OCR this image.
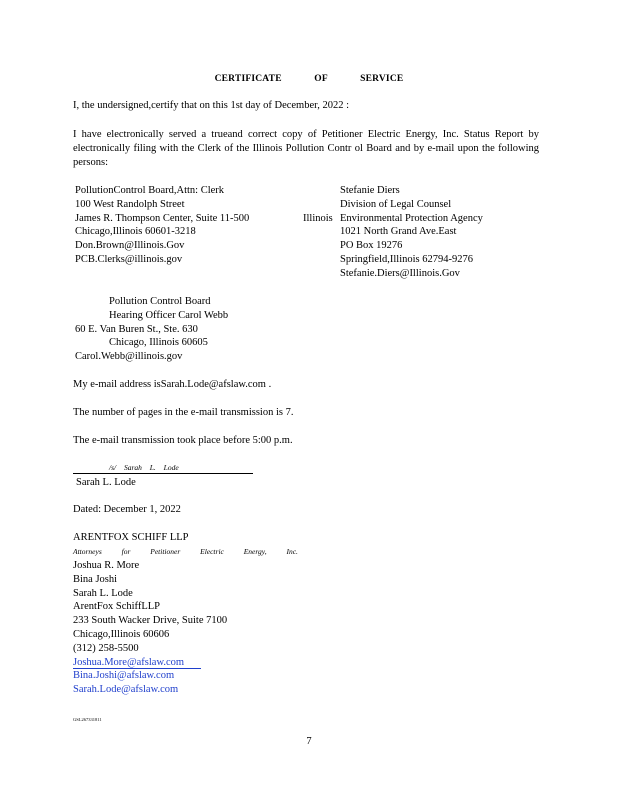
CERTIFICATE OF SERVICE
I, the undersigned,certify that on this 1st day of December, 2022 :
I have electronically served a trueand correct copy of Petitioner Electric Energy, Inc. Status Report by electronically filing with the Clerk of the Illinois Pollution Contr ol Board and by e-mail upon the following persons:
PollutionControl Board,Attn: Clerk
100 West Randolph Street
James R. Thompson Center, Suite 11-500
Chicago,Illinois 60601-3218
Don.Brown@Illinois.Gov
PCB.Clerks@illinois.gov
Illinois
Stefanie Diers
Division of Legal Counsel
Environmental Protection Agency
1021 North Grand Ave.East
PO Box 19276
Springfield,Illinois 62794-9276
Stefanie.Diers@Illinois.Gov
Pollution Control Board
Hearing Officer Carol Webb
60 E. Van Buren St., Ste. 630
Chicago, Illinois 60605
Carol.Webb@illinois.gov
My e-mail address isSarah.Lode@afslaw.com .
The number of pages in the e-mail transmission is 7.
The e-mail transmission took place before 5:00 p.m.
/s/ Sarah L. Lode
Sarah L. Lode
Dated: December 1, 2022
ARENTFOX SCHIFF LLP
Attorneys for Petitioner Electric Energy, Inc.
Joshua R. More
Bina Joshi
Sarah L. Lode
ArentFox SchiffLLP
233 South Wacker Drive, Suite 7100
Chicago,Illinois 60606
(312) 258-5500
Joshua.More@afslaw.com
Bina.Joshi@afslaw.com
Sarah.Lode@afslaw.com
GSL267331811
7
